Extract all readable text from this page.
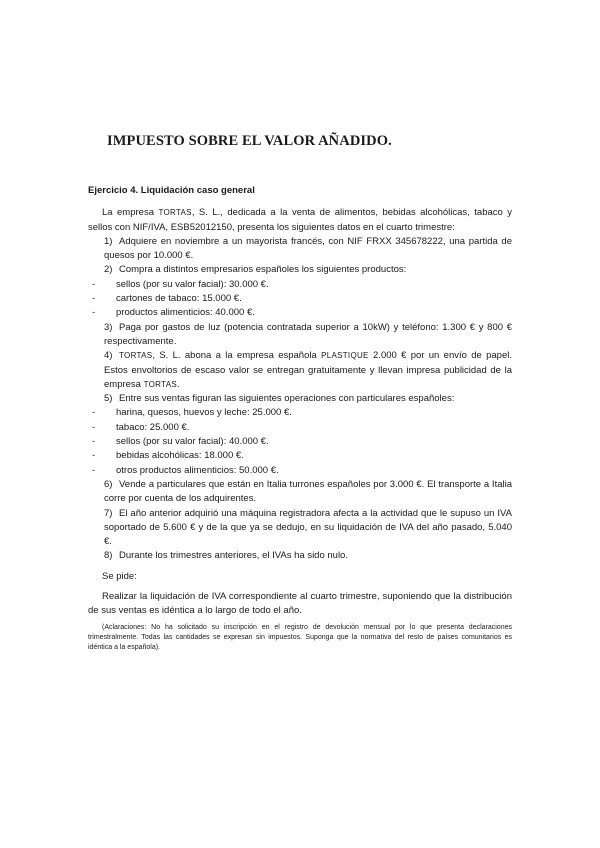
IMPUESTO SOBRE EL VALOR AÑADIDO.

Ejercicio 4. Liquidación caso general

La empresa TORTAS, S. L., dedicada a la venta de alimentos, bebidas alcohólicas, tabaco y sellos con NIF/IVA, ESB52012150, presenta los siguientes datos en el cuarto trimestre:

1) Adquiere en noviembre a un mayorista francés, con NIF FRXX 345678222, una partida de quesos por 10.000 €.

2) Compra a distintos empresarios españoles los siguientes productos:

- sellos (por su valor facial): 30.000 €.

- cartones de tabaco: 15.000 €.

- productos alimenticios: 40.000 €.

3) Paga por gastos de luz (potencia contratada superior a 10kW) y teléfono: 1.300 € y 800 € respectivamente.

4) TORTAS, S. L. abona a la empresa española PLASTIQUE 2.000 € por un envío de papel. Estos envoltorios de escaso valor se entregan gratuitamente y llevan impresa publicidad de la empresa TORTAS.

5) Entre sus ventas figuran las siguientes operaciones con particulares españoles:

- harina, quesos, huevos y leche: 25.000 €.

- tabaco: 25.000 €.

- sellos (por su valor facial): 40.000 €.

- bebidas alcohólicas: 18.000 €.

- otros productos alimenticios: 50.000 €.

6) Vende a particulares que están en Italia turrones españoles por 3.000 €. El transporte a Italia corre por cuenta de los adquirentes.

7) El año anterior adquirió una máquina registradora afecta a la actividad que le supuso un IVA soportado de 5.600 € y de la que ya se dedujo, en su liquidación de IVA del año pasado, 5.040 €.

8) Durante los trimestres anteriores, el IVAs ha sido nulo.

Se pide:

Realizar la liquidación de IVA correspondiente al cuarto trimestre, suponiendo que la distribución de sus ventas es idéntica a lo largo de todo el año.

(Aclaraciones: No ha solicitado su inscripción en el registro de devolución mensual por lo que presenta declaraciones trimestralmente. Todas las cantidades se expresan sin impuestos. Suponga que la normativa del resto de países comunitarios es idéntica a la española).
